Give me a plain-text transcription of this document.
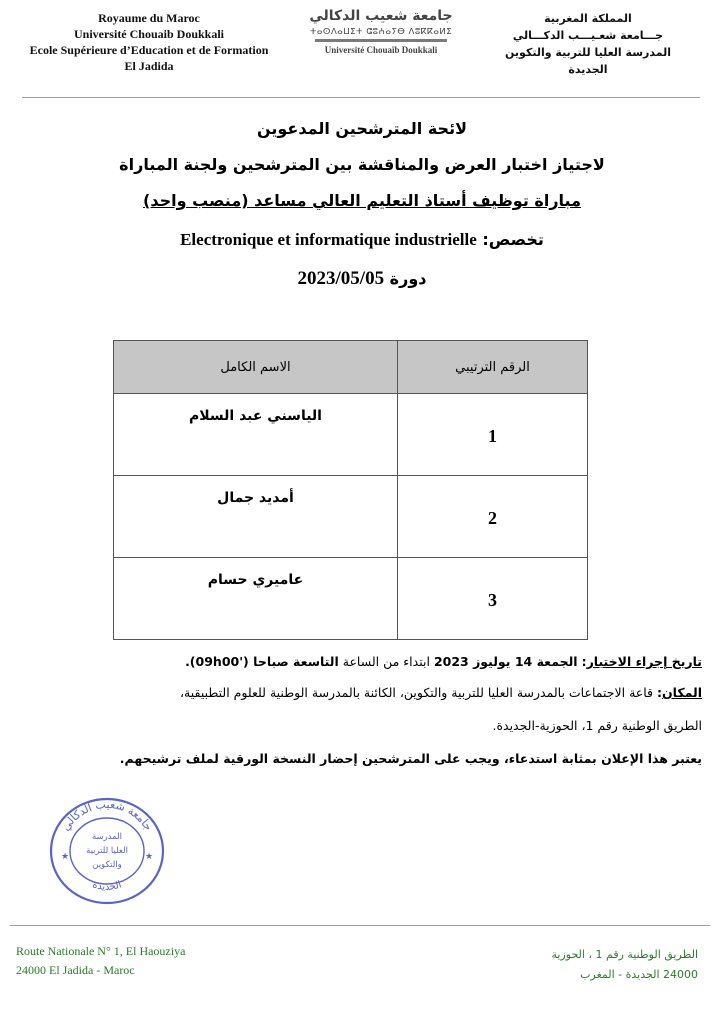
Royaume du Maroc
Université Chouaib Doukkali
Ecole Supérieure d’Education et de Formation
El Jadida
جامعة شعيب الدكالي
ⵜⴰⵙⴷⴰⵡⵉⵜ ⵛⵓⵄⴰⵢⴱ ⴷⵓⴽⴽⴰⵍⵉ
Université Chouaïb Doukkali
المملكة المغربية
جـــامعة شعـيـــب الدكـــالي
المدرسة العليا للتربية والتكوين
الجديدة
لائحة المترشحين المدعوين
لاجتياز اختبار العرض والمناقشة بين المترشحين ولجنة المباراة
مباراة توظيف أستاذ التعليم العالي مساعد (منصب واحد)
تخصص: Electronique et informatique industrielle
دورة 2023/05/05
الرقم الترتيبي	الاسم الكامل
1	الياسني عبد السلام
2	أمديد جمال
3	عاميري حسام
تاريخ إجراء الاختبار: الجمعة 14 يوليوز 2023 ابتداء من الساعة التاسعة صباحا ('09h00).
المكان: قاعة الاجتماعات بالمدرسة العليا للتربية والتكوين، الكائنة بالمدرسة الوطنية للعلوم التطبيقية،
الطريق الوطنية رقم 1، الحوزية-الجديدة.
يعتبر هذا الإعلان بمثابة استدعاء، ويجب على المترشحين إحضار النسخة الورقية لملف ترشيحهم.
جامعة شعيب الدكالي
الجديدة
المدرسة
العليا للتربية
والتكوين
★	★
Route Nationale N° 1, El Haouziya
24000 El Jadida - Maroc
الطريق الوطنية رقم 1 ، الحوزية
24000 الجديدة - المغرب
